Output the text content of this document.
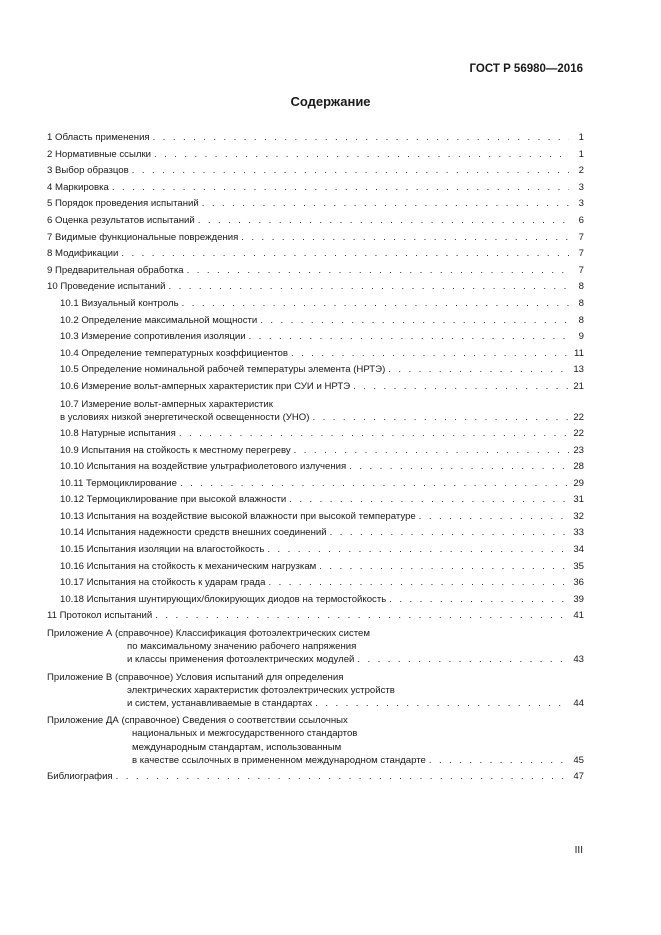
ГОСТ Р 56980—2016
Содержание
1 Область применения . . .	1
2 Нормативные ссылки . . .	1
3 Выбор образцов . . .	2
4 Маркировка . . .	3
5 Порядок проведения испытаний . . .	3
6 Оценка результатов испытаний . . .	6
7 Видимые функциональные повреждения . . .	7
8 Модификации . . .	7
9 Предварительная обработка . . .	7
10 Проведение испытаний . . .	8
10.1 Визуальный контроль . . .	8
10.2 Определение максимальной мощности . . .	8
10.3 Измерение сопротивления изоляции . . .	9
10.4 Определение температурных коэффициентов . . .	11
10.5 Определение номинальной рабочей температуры элемента (НРТЭ) . . .	13
10.6 Измерение вольт-амперных характеристик при СУИ и НРТЭ . . .	21
10.7 Измерение вольт-амперных характеристик
в условиях низкой энергетической освещенности (УНО) . . .	22
10.8 Натурные испытания . . .	22
10.9 Испытания на стойкость к местному перегреву . . .	23
10.10 Испытания на воздействие ультрафиолетового излучения . . .	28
10.11 Термоциклирование . . .	29
10.12 Термоциклирование при высокой влажности . . .	31
10.13 Испытания на воздействие высокой влажности при высокой температуре . . .	32
10.14 Испытания надежности средств внешних соединений . . .	33
10.15 Испытания изоляции на влагостойкость . . .	34
10.16 Испытания на стойкость к механическим нагрузкам . . .	35
10.17 Испытания на стойкость к ударам града . . .	36
10.18 Испытания шунтирующих/блокирующих диодов на термостойкость . . .	39
11 Протокол испытаний . . .	41
Приложение А (справочное) Классификация фотоэлектрических систем
по максимальному значению рабочего напряжения
и классы применения фотоэлектрических модулей . . .	43
Приложение В (справочное) Условия испытаний для определения
электрических характеристик фотоэлектрических устройств
и систем, устанавливаемые в стандартах . . .	44
Приложение ДА (справочное) Сведения о соответствии ссылочных
национальных и межгосударственного стандартов
международным стандартам, использованным
в качестве ссылочных в примененном международном стандарте . . .	45
Библиография . . .	47
III
